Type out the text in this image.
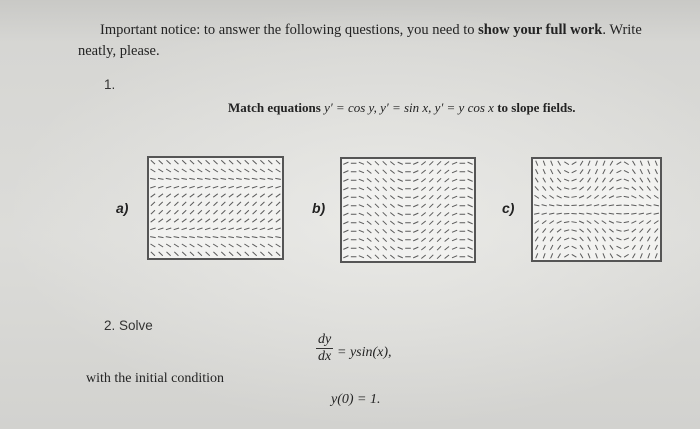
Important notice: to answer the following questions, you need to show your full work. Write neatly, please.
1.
Match equations y′ = cos y, y′ = sin x, y′ = y cos x to slope fields.
a)	b)	c)
2. Solve
$\frac{dy}{dx} = ysin(x)$,
with the initial condition
y(0) = 1.
